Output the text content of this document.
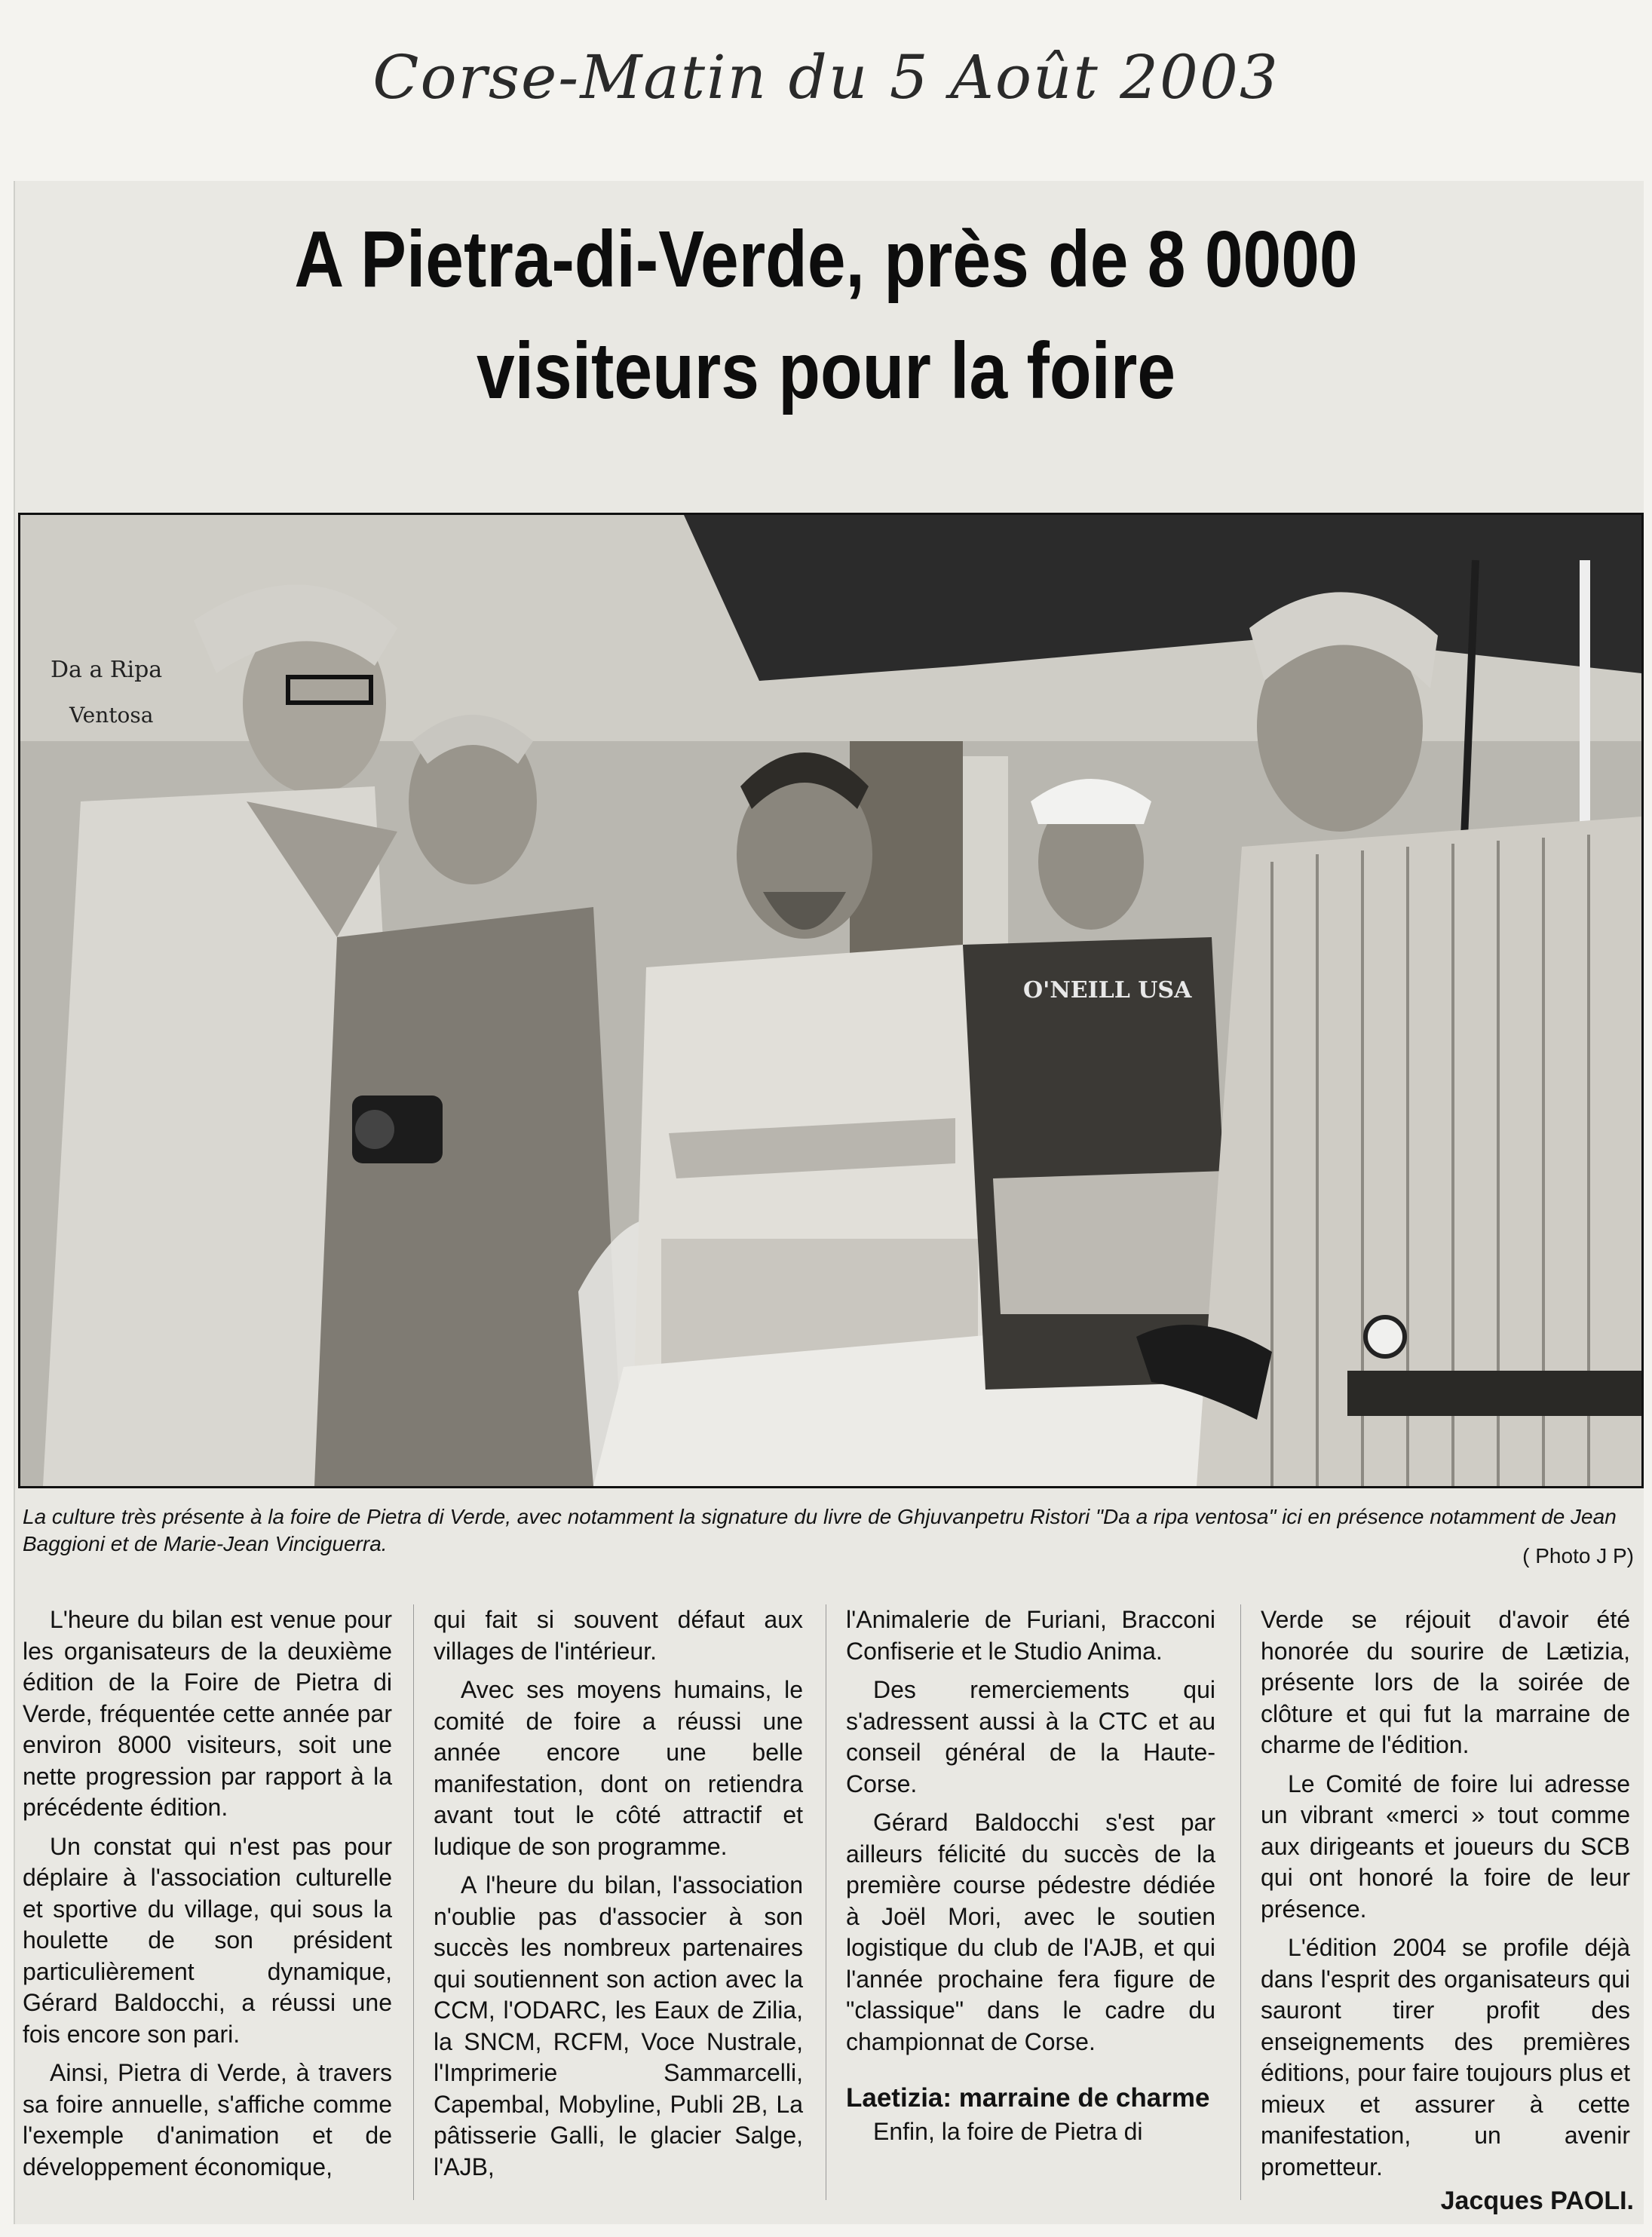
Corse-Matin du 5 Août 2003
A Pietra-di-Verde, près de 8 0000
visiteurs pour la foire
Da a Ripa
Ventosa
O'NEILL USA
La culture très présente à la foire de Pietra di Verde, avec notamment la signature du livre de Ghjuvanpetru Ristori "Da a ripa ventosa" ici en présence notamment de Jean Baggioni et de Marie-Jean Vinciguerra.
( Photo J P)

L'heure du bilan est venue pour les organisateurs de la deuxième édition de la Foire de Pietra di Verde, fréquentée cette année par environ 8000 visiteurs, soit une nette progression par rapport à la précédente édition.

Un constat qui n'est pas pour déplaire à l'association culturelle et sportive du village, qui sous la houlette de son président particulièrement dynamique, Gérard Baldocchi, a réussi une fois encore son pari.

Ainsi, Pietra di Verde, à travers sa foire annuelle, s'affiche comme l'exemple d'animation et de développement économique,

qui fait si souvent défaut aux villages de l'intérieur.

Avec ses moyens humains, le comité de foire a réussi une année encore une belle manifestation, dont on retiendra avant tout le côté attractif et ludique de son programme.

A l'heure du bilan, l'association n'oublie pas d'associer à son succès les nombreux partenaires qui soutiennent son action avec la CCM, l'ODARC, les Eaux de Zilia, la SNCM, RCFM, Voce Nustrale, l'Imprimerie Sammarcelli, Capembal, Mobyline, Publi 2B, La pâtisserie Galli, le glacier Salge, l'AJB,

l'Animalerie de Furiani, Bracconi Confiserie et le Studio Anima.

Des remerciements qui s'adressent aussi à la CTC et au conseil général de la Haute-Corse.

Gérard Baldocchi s'est par ailleurs félicité du succès de la première course pédestre dédiée à Joël Mori, avec le soutien logistique du club de l'AJB, et qui l'année prochaine fera figure de "classique" dans le cadre du championnat de Corse.

Laetizia: marraine de charme

Enfin, la foire de Pietra di

Verde se réjouit d'avoir été honorée du sourire de Lætizia, présente lors de la soirée de clôture et qui fut la marraine de charme de l'édition.

Le Comité de foire lui adresse un vibrant «merci » tout comme aux dirigeants et joueurs du SCB qui ont honoré la foire de leur présence.

L'édition 2004 se profile déjà dans l'esprit des organisateurs qui sauront tirer profit des enseignements des premières éditions, pour faire toujours plus et mieux et assurer à cette manifestation, un avenir prometteur.

Jacques PAOLI.
